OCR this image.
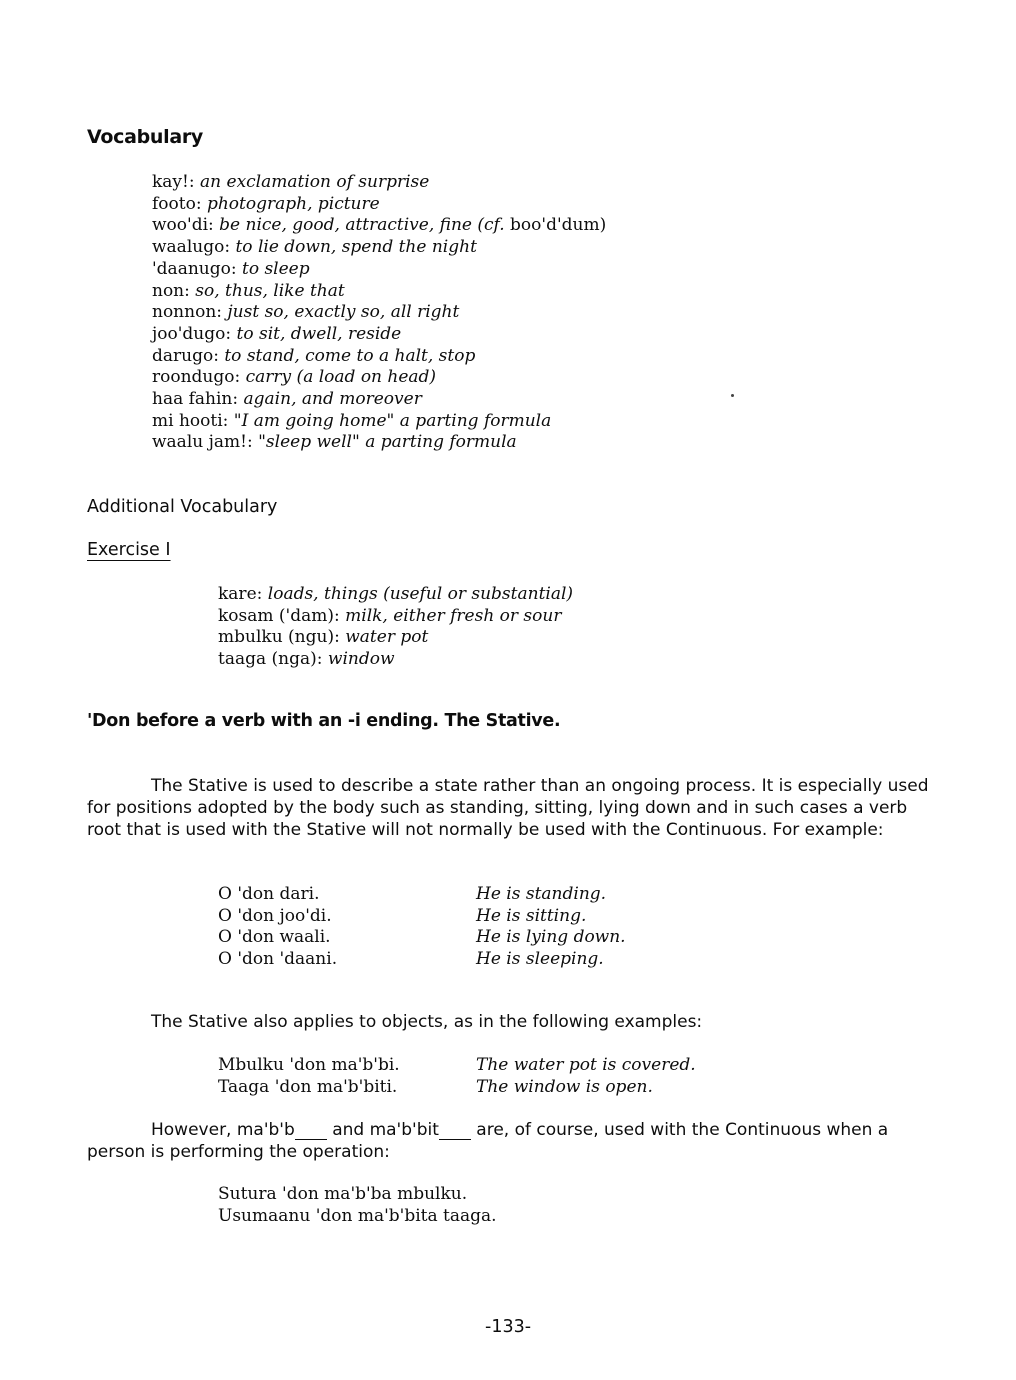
Vocabulary
kay!: an exclamation of surprise
footo: photograph, picture
woo'di: be nice, good, attractive, fine (cf. boo'd'dum)
waalugo: to lie down, spend the night
'daanugo: to sleep
non: so, thus, like that
nonnon: just so, exactly so, all right
joo'dugo: to sit, dwell, reside
darugo: to stand, come to a halt, stop
roondugo: carry (a load on head)
haa fahin: again, and moreover
mi hooti: "I am going home" a parting formula
waalu jam!: "sleep well" a parting formula
Additional Vocabulary
Exercise I
kare: loads, things (useful or substantial)
kosam ('dam): milk, either fresh or sour
mbulku (ngu): water pot
taaga (nga): window
'Don before a verb with an -i ending. The Stative.
The Stative is used to describe a state rather than an ongoing process. It is especially used for positions adopted by the body such as standing, sitting, lying down and in such cases a verb root that is used with the Stative will not normally be used with the Continuous. For example:
O 'don dari.	He is standing.
O 'don joo'di.	He is sitting.
O 'don waali.	He is lying down.
O 'don 'daani.	He is sleeping.
The Stative also applies to objects, as in the following examples:
Mbulku 'don ma'b'bi.	The water pot is covered.
Taaga 'don ma'b'biti.	The window is open.
However, ma'b'b and ma'b'bit are, of course, used with the Continuous when a person is performing the operation:
Sutura 'don ma'b'ba mbulku.
Usumaanu 'don ma'b'bita taaga.
-133-
